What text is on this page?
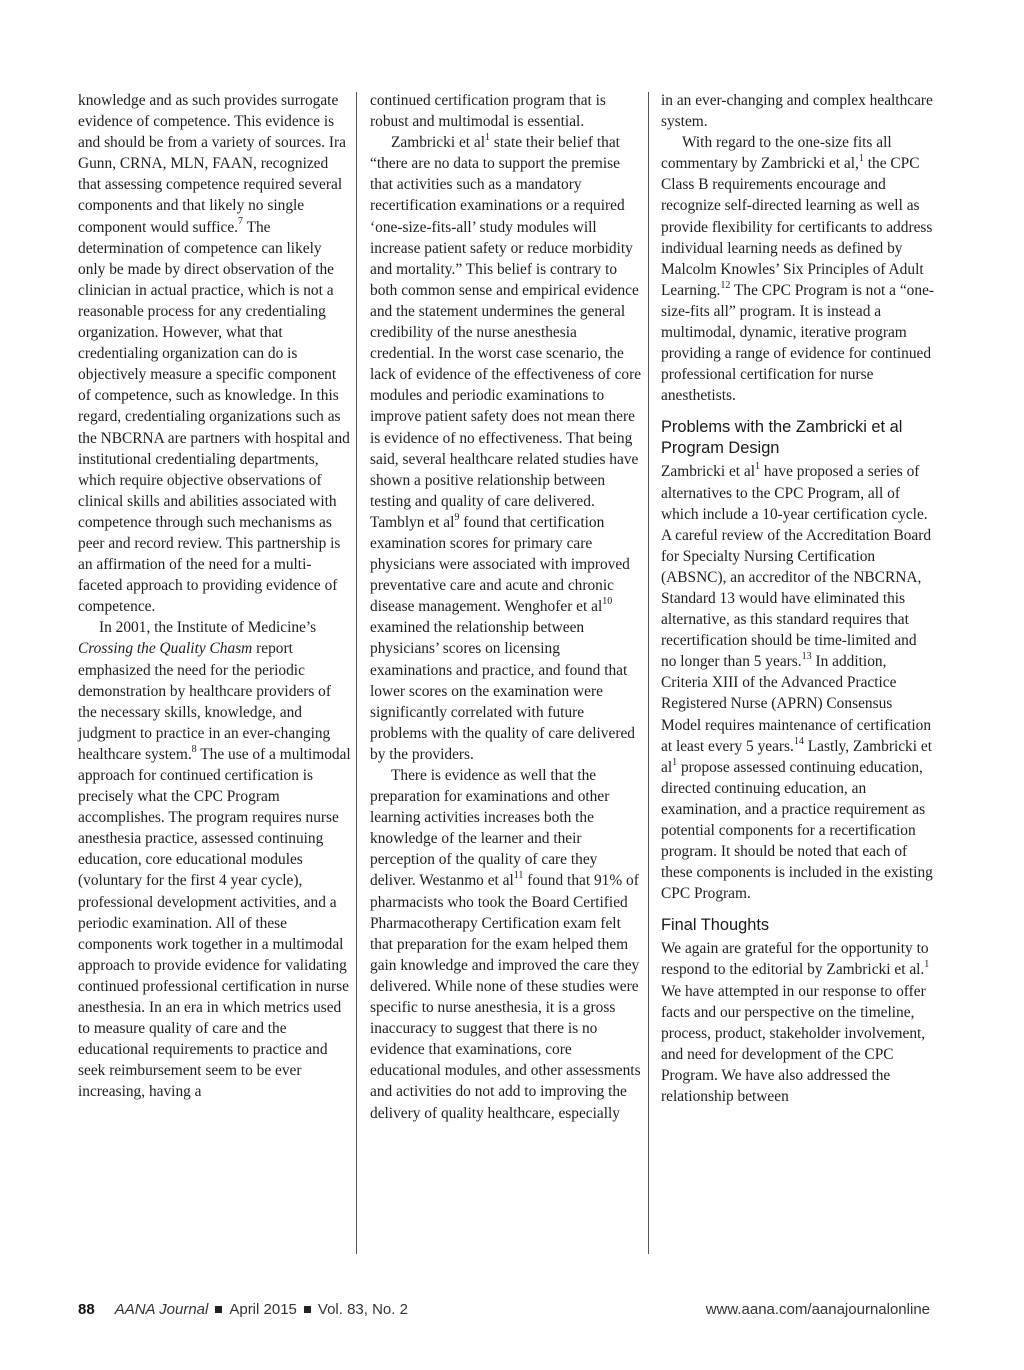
knowledge and as such provides surrogate evidence of competence. This evidence is and should be from a variety of sources. Ira Gunn, CRNA, MLN, FAAN, recognized that assessing competence required several components and that likely no single component would suffice.$^7$ The determination of competence can likely only be made by direct observation of the clinician in actual practice, which is not a reasonable process for any credentialing organization. However, what that credentialing organization can do is objectively measure a specific component of competence, such as knowledge. In this regard, credentialing organizations such as the NBCRNA are partners with hospital and institutional credentialing departments, which require objective observations of clinical skills and abilities associated with competence through such mechanisms as peer and record review. This partnership is an affirmation of the need for a multi-faceted approach to providing evidence of competence.

In 2001, the Institute of Medicine’s Crossing the Quality Chasm report emphasized the need for the periodic demonstration by healthcare providers of the necessary skills, knowledge, and judgment to practice in an ever-changing healthcare system.$^8$ The use of a multimodal approach for continued certification is precisely what the CPC Program accomplishes. The program requires nurse anesthesia practice, assessed continuing education, core educational modules (voluntary for the first 4 year cycle), professional development activities, and a periodic examination. All of these components work together in a multimodal approach to provide evidence for validating continued professional certification in nurse anesthesia. In an era in which metrics used to measure quality of care and the educational requirements to practice and seek reimbursement seem to be ever increasing, having a

continued certification program that is robust and multimodal is essential.

Zambricki et $al^1$ state their belief that “there are no data to support the premise that activities such as a mandatory recertification examinations or a required ‘one-size-fits-all’ study modules will increase patient safety or reduce morbidity and mortality.” This belief is contrary to both common sense and empirical evidence and the statement undermines the general credibility of the nurse anesthesia credential. In the worst case scenario, the lack of evidence of the effectiveness of core modules and periodic examinations to improve patient safety does not mean there is evidence of no effectiveness. That being said, several healthcare related studies have shown a positive relationship between testing and quality of care delivered. Tamblyn et $al^9$ found that certification examination scores for primary care physicians were associated with improved preventative care and acute and chronic disease management. Wenghofer et $al^{10}$ examined the relationship between physicians’ scores on licensing examinations and practice, and found that lower scores on the examination were significantly correlated with future problems with the quality of care delivered by the providers.

There is evidence as well that the preparation for examinations and other learning activities increases both the knowledge of the learner and their perception of the quality of care they deliver. Westanmo et $al^{11}$ found that 91% of pharmacists who took the Board Certified Pharmacotherapy Certification exam felt that preparation for the exam helped them gain knowledge and improved the care they delivered. While none of these studies were specific to nurse anesthesia, it is a gross inaccuracy to suggest that there is no evidence that examinations, core educational modules, and other assessments and activities do not add to improving the delivery of quality healthcare, especially

in an ever-changing and complex healthcare system.

With regard to the one-size fits all commentary by Zambricki et al,$^1$ the CPC Class B requirements encourage and recognize self-directed learning as well as provide flexibility for certificants to address individual learning needs as defined by Malcolm Knowles’ Six Principles of Adult Learning.$^{12}$ The CPC Program is not a “one-size-fits all” program. It is instead a multimodal, dynamic, iterative program providing a range of evidence for continued professional certification for nurse anesthetists.

Problems with the Zambricki et al Program Design

Zambricki et $al^1$ have proposed a series of alternatives to the CPC Program, all of which include a 10-year certification cycle. A careful review of the Accreditation Board for Specialty Nursing Certification (ABSNC), an accreditor of the NBCRNA, Standard 13 would have eliminated this alternative, as this standard requires that recertification should be time-limited and no longer than 5 years.$^{13}$ In addition, Criteria XIII of the Advanced Practice Registered Nurse (APRN) Consensus Model requires maintenance of certification at least every 5 years.$^{14}$ Lastly, Zambricki et $al^1$ propose assessed continuing education, directed continuing education, an examination, and a practice requirement as potential components for a recertification program. It should be noted that each of these components is included in the existing CPC Program.

Final Thoughts

We again are grateful for the opportunity to respond to the editorial by Zambricki et al.$^1$ We have attempted in our response to offer facts and our perspective on the timeline, process, product, stakeholder involvement, and need for development of the CPC Program. We have also addressed the relationship between

88 AANA Journal April 2015 Vol. 83, No. 2	www.aana.com/aanajournalonline
